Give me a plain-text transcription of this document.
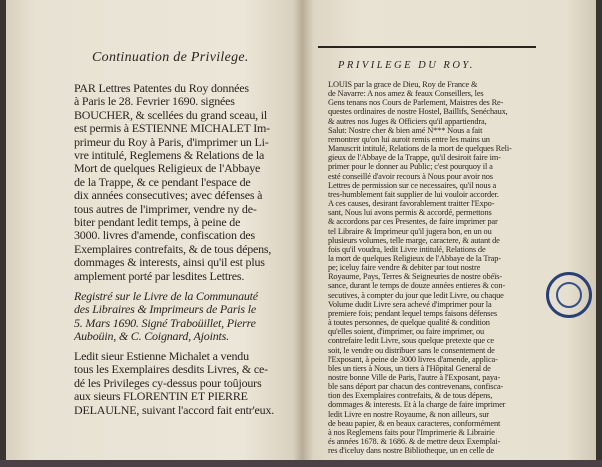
Continuation de Privilege.
PAR Lettres Patentes du Roy données
à Paris le 28. Fevrier 1690. signées
BOUCHER, & scellées du grand sceau, il
est permis à ESTIENNE MICHALET Im-
primeur du Roy à Paris, d'imprimer un Li-
vre intitulé, Reglemens & Relations de la
Mort de quelques Religieux de l'Abbaye
de la Trappe, & ce pendant l'espace de
dix années consecutives; avec défenses à
tous autres de l'imprimer, vendre ny de-
biter pendant ledit temps, à peine de
3000. livres d'amende, confiscation des
Exemplaires contrefaits, & de tous dépens,
dommages & interests, ainsi qu'il est plus
amplement porté par lesdites Lettres.
Registré sur le Livre de la Communauté
des Libraires & Imprimeurs de Paris le
5. Mars 1690. Signé Traboüillet, Pierre
Auboüin, & C. Coignard, Ajoints.
Ledit sieur Estienne Michalet a vendu
tous les Exemplaires desdits Livres, & ce-
dé les Privileges cy-dessus pour toûjours
aux sieurs FLORENTIN ET PIERRE
DELAULNE, suivant l'accord fait entr'eux.
PRIVILEGE DU ROY.
LOUIS par la grace de Dieu, Roy de France &
de Navarre: A nos amez & feaux Conseillers, les
Gens tenans nos Cours de Parlement, Maistres des Re-
questes ordinaires de nostre Hostel, Baillifs, Senéchaux,
& autres nos Juges & Officiers qu'il appartiendra,
Salut: Nostre cher & bien amé N*** Nous a fait
remontrer qu'on lui auroit remis entre les mains un
Manuscrit intitulé, Relations de la mort de quelques Reli-
gieux de l'Abbaye de la Trappe, qu'il desiroit faire im-
primer pour le donner au Public; c'est pourquoy il a
esté conseillé d'avoir recours à Nous pour avoir nos
Lettres de permission sur ce necessaires, qu'il nous a
tres-humblement fait supplier de lui vouloir accorder.
A ces causes, desirant favorablement traitter l'Expo-
sant, Nous lui avons permis & accordé, permettons
& accordons par ces Presentes, de faire imprimer par
tel Libraire & Imprimeur qu'il jugera bon, en un ou
plusieurs volumes, telle marge, caractere, & autant de
fois qu'il voudra, ledit Livre intitulé, Relations de
la mort de quelques Religieux de l'Abbaye de la Trap-
pe; iceluy faire vendre & debiter par tout nostre
Royaume, Pays, Terres & Seigneuries de nostre obéïs-
sance, durant le temps de douze années entieres & con-
secutives, à compter du jour que ledit Livre, ou chaque
Volume dudit Livre sera achevé d'imprimer pour la
premiere fois; pendant lequel temps faisons défenses
à toutes personnes, de quelque qualité & condition
qu'elles soient, d'imprimer, ou faire imprimer, ou
contrefaire ledit Livre, sous quelque pretexte que ce
soit, le vendre ou distribuer sans le consentement de
l'Exposant, à peine de 3000 livres d'amende, applica-
bles un tiers à Nous, un tiers à l'Hôpital General de
nostre bonne Ville de Paris, l'autre à l'Exposant, paya-
ble sans déport par chacun des contrevenans, confisca-
tion des Exemplaires contrefaits, & de tous dépens,
dommages & interests. Et à la charge de faire imprimer
ledit Livre en nostre Royaume, & non ailleurs, sur
de beau papier, & en beaux caracteres, conformément
à nos Reglemens faits pour l'Imprimerie & Librairie
és années 1678. & 1686. & de mettre deux Exemplai-
res d'iceluy dans nostre Bibliotheque, un en celle de
